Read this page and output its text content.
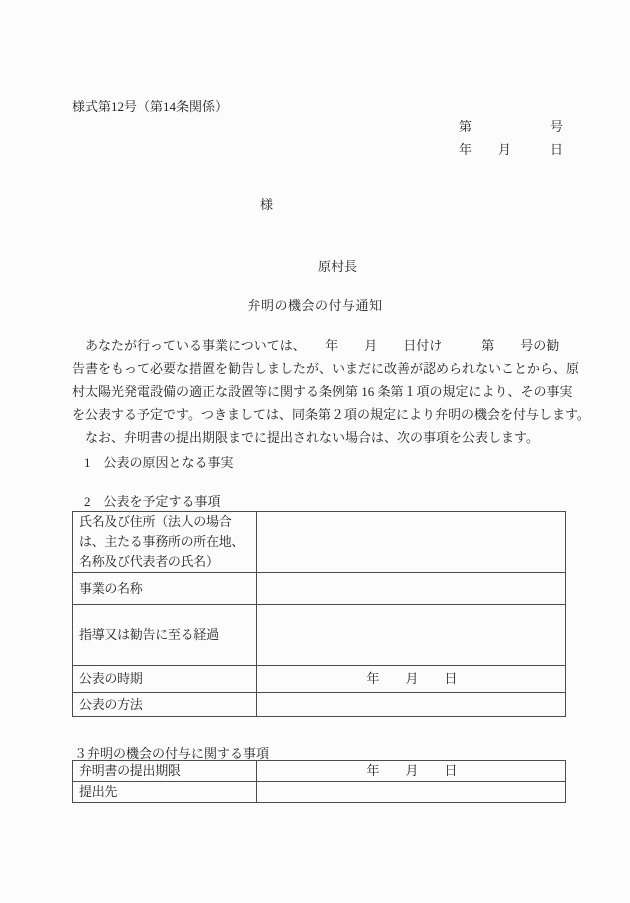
様式第12号（第14条関係）
第　　　　　　号
年　　月　　　日
様
原村長
弁明の機会の付与通知
　あなたが行っている事業については、　　年　　月　　日付け　　　第　　号の勧
告書をもって必要な措置を勧告しましたが、いまだに改善が認められないことから、原
村太陽光発電設備の適正な設置等に関する条例第 16 条第１項の規定により、その事実
を公表する予定です。つきましては、同条第２項の規定により弁明の機会を付与します。
　なお、弁明書の提出期限までに提出されない場合は、次の事項を公表します。
1　公表の原因となる事実
2　公表を予定する事項
氏名及び住所（法人の場合は、主たる事務所の所在地、名称及び代表者の氏名）	
事業の名称	
指導又は勧告に至る経過	
公表の時期	年　　月　　日
公表の方法	
３弁明の機会の付与に関する事項
弁明書の提出期限	年　　月　　日
提出先	
